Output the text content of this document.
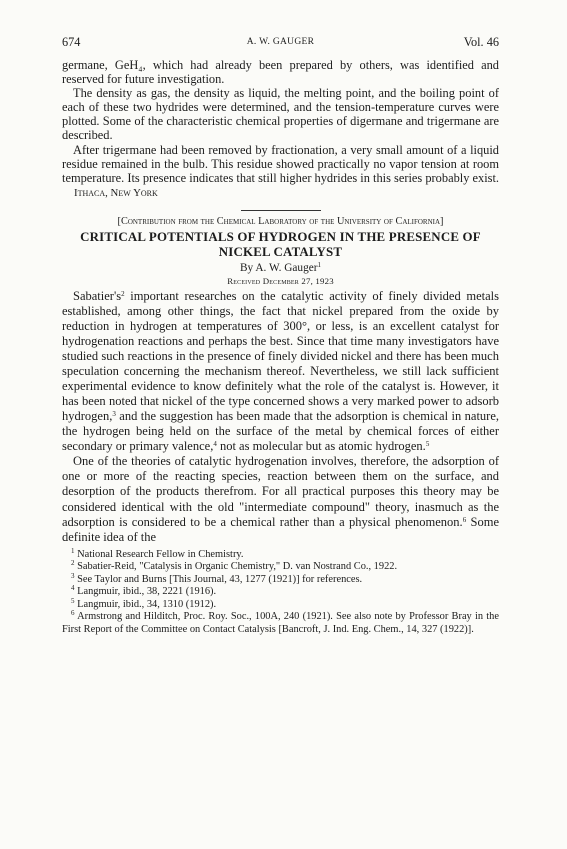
674	A. W. GAUGER	Vol. 46

germane, GeH₄, which had already been prepared by others, was identified and reserved for future investigation.

The density as gas, the density as liquid, the melting point, and the boiling point of each of these two hydrides were determined, and the tension-temperature curves were plotted. Some of the characteristic chemical properties of digermane and trigermane are described.

After trigermane had been removed by fractionation, a very small amount of a liquid residue remained in the bulb. This residue showed practically no vapor tension at room temperature. Its presence indicates that still higher hydrides in this series probably exist.

Ithaca, New York
[Contribution from the Chemical Laboratory of the University of California]
CRITICAL POTENTIALS OF HYDROGEN IN THE PRESENCE OF NICKEL CATALYST
By A. W. Gauger$^1$
Received December 27, 1923

$Sabatier's^2$ important researches on the catalytic activity of finely divided metals established, among other things, the fact that nickel prepared from the oxide by reduction in hydrogen at temperatures of 300°, or less, is an excellent catalyst for hydrogenation reactions and perhaps the best. Since that time many investigators have studied such reactions in the presence of finely divided nickel and there has been much speculation concerning the mechanism thereof. Nevertheless, we still lack sufficient experimental evidence to know definitely what the role of the catalyst is. However, it has been noted that nickel of the type concerned shows a very marked power to adsorb hydrogen,$^3$ and the suggestion has been made that the adsorption is chemical in nature, the hydrogen being held on the surface of the metal by chemical forces of either secondary or primary valence,$^4$ not as molecular but as atomic hydrogen.$^5$

One of the theories of catalytic hydrogenation involves, therefore, the adsorption of one or more of the reacting species, reaction between them on the surface, and desorption of the products therefrom. For all practical purposes this theory may be considered identical with the old "intermediate compound" theory, inasmuch as the adsorption is considered to be a chemical rather than a physical phenomenon.$^6$ Some definite idea of the

$^1$ National Research Fellow in Chemistry.
$^2$ Sabatier-Reid, "Catalysis in Organic Chemistry," D. van Nostrand Co., 1922.
$^3$ See Taylor and Burns [This Journal, 43, 1277 (1921)] for references.
$^4$ Langmuir, ibid., 38, 2221 (1916).
$^5$ Langmuir, ibid., 34, 1310 (1912).
$^6$ Armstrong and Hilditch, Proc. Roy. Soc., 100A, 240 (1921). See also note by Professor Bray in the First Report of the Committee on Contact Catalysis [Bancroft, J. Ind. Eng. Chem., 14, 327 (1922)].
